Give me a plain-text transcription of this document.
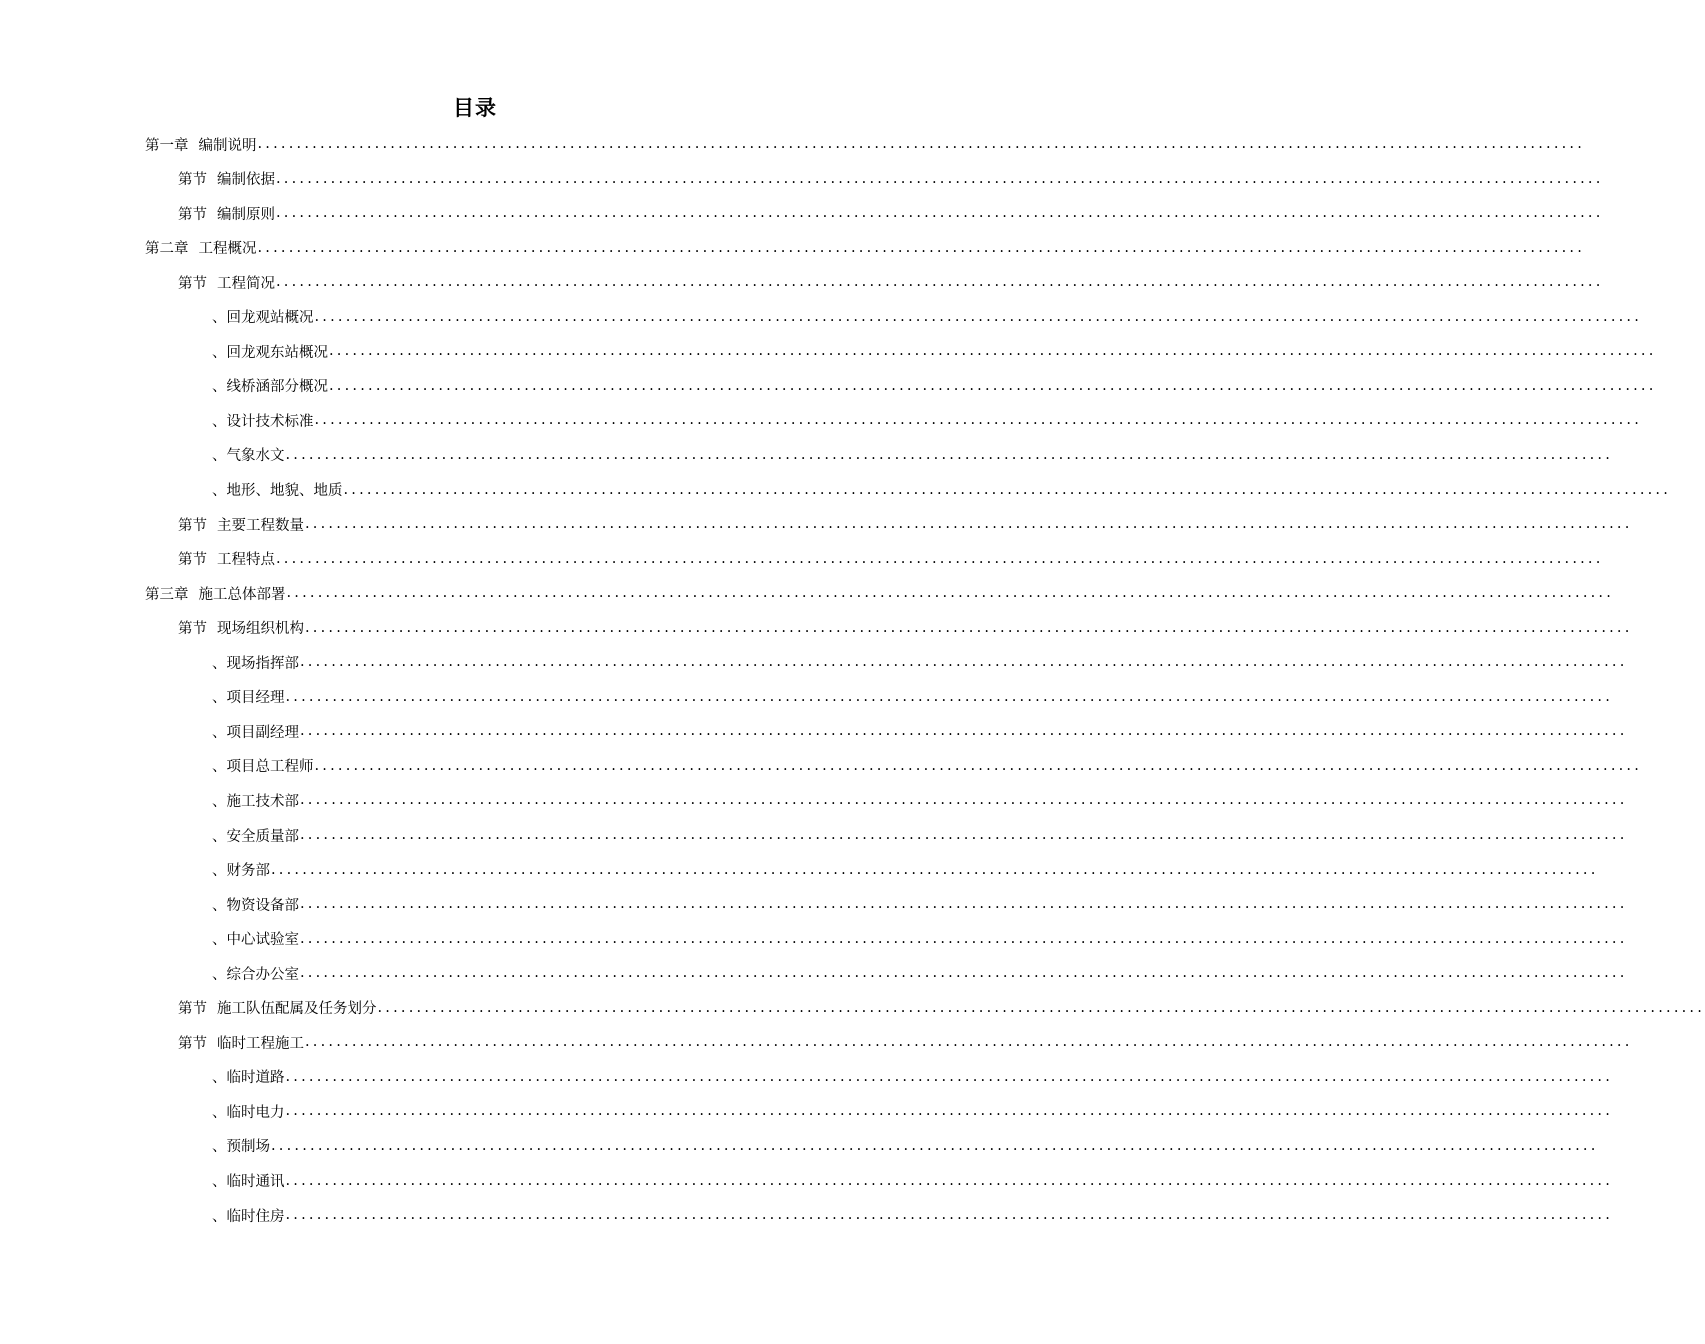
目录
第一章 编制说明 ..........................................................................................................................................................................
第节 编制依据 ..........................................................................................................................................................................
第节 编制原则 ..........................................................................................................................................................................
第二章 工程概况 ..........................................................................................................................................................................
第节 工程简况 ..........................................................................................................................................................................
、 回龙观站概况 ..........................................................................................................................................................................
、 回龙观东站概况 ..........................................................................................................................................................................
、 线桥涵部分概况 ..........................................................................................................................................................................
、 设计技术标准 ..........................................................................................................................................................................
、 气象水文 ..........................................................................................................................................................................
、 地形、地貌、地质 ..........................................................................................................................................................................
第节 主要工程数量 ..........................................................................................................................................................................
第节 工程特点 ..........................................................................................................................................................................
第三章 施工总体部署 ..........................................................................................................................................................................
第节 现场组织机构 ..........................................................................................................................................................................
、 现场指挥部 ..........................................................................................................................................................................
、 项目经理 ..........................................................................................................................................................................
、 项目副经理 ..........................................................................................................................................................................
、 项目总工程师 ..........................................................................................................................................................................
、 施工技术部 ..........................................................................................................................................................................
、 安全质量部 ..........................................................................................................................................................................
、 财务部 ..........................................................................................................................................................................
、 物资设备部 ..........................................................................................................................................................................
、 中心试验室 ..........................................................................................................................................................................
、 综合办公室 ..........................................................................................................................................................................
第节 施工队伍配属及任务划分 ..........................................................................................................................................................................
第节 临时工程施工 ..........................................................................................................................................................................
、 临时道路 ..........................................................................................................................................................................
、 临时电力 ..........................................................................................................................................................................
、 预制场 ..........................................................................................................................................................................
、 临时通讯 ..........................................................................................................................................................................
、 临时住房 ..........................................................................................................................................................................
